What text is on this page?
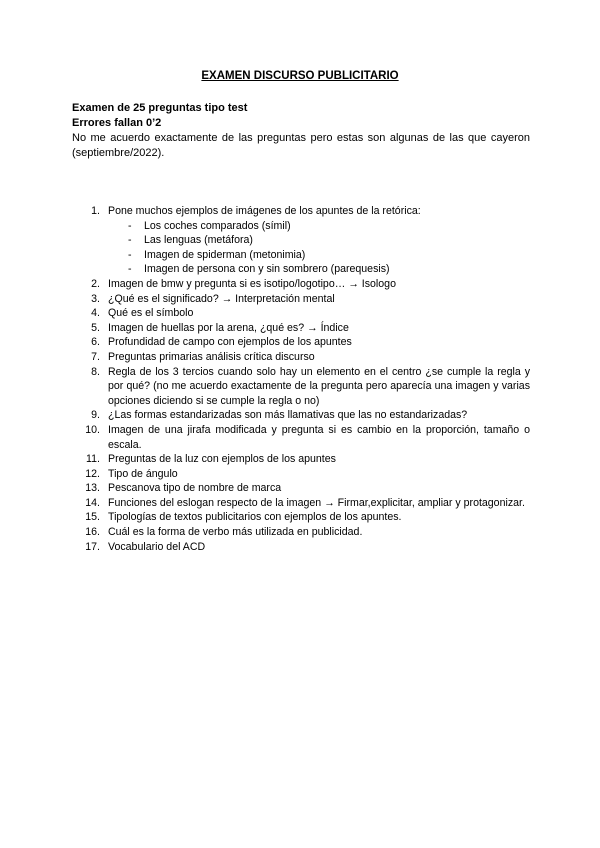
EXAMEN DISCURSO PUBLICITARIO
Examen de 25 preguntas tipo test
Errores fallan 0’2
No me acuerdo exactamente de las preguntas pero estas son algunas de las que cayeron (septiembre/2022).
1. Pone muchos ejemplos de imágenes de los apuntes de la retórica:
- Los coches comparados (símil)
- Las lenguas (metáfora)
- Imagen de spiderman (metonimia)
- Imagen de persona con y sin sombrero (parequesis)
2. Imagen de bmw y pregunta si es isotipo/logotipo… → Isologo
3. ¿Qué es el significado? → Interpretación mental
4. Qué es el símbolo
5. Imagen de huellas por la arena, ¿qué es? → Índice
6. Profundidad de campo con ejemplos de los apuntes
7. Preguntas primarias análisis crítica discurso
8. Regla de los 3 tercios cuando solo hay un elemento en el centro ¿se cumple la regla y por qué? (no me acuerdo exactamente de la pregunta pero aparecía una imagen y varias opciones diciendo si se cumple la regla o no)
9. ¿Las formas estandarizadas son más llamativas que las no estandarizadas?
10. Imagen de una jirafa modificada y pregunta si es cambio en la proporción, tamaño o escala.
11. Preguntas de la luz con ejemplos de los apuntes
12. Tipo de ángulo
13. Pescanova tipo de nombre de marca
14. Funciones del eslogan respecto de la imagen → Firmar,explicitar, ampliar y protagonizar.
15. Tipologías de textos publicitarios con ejemplos de los apuntes.
16. Cuál es la forma de verbo más utilizada en publicidad.
17. Vocabulario del ACD
